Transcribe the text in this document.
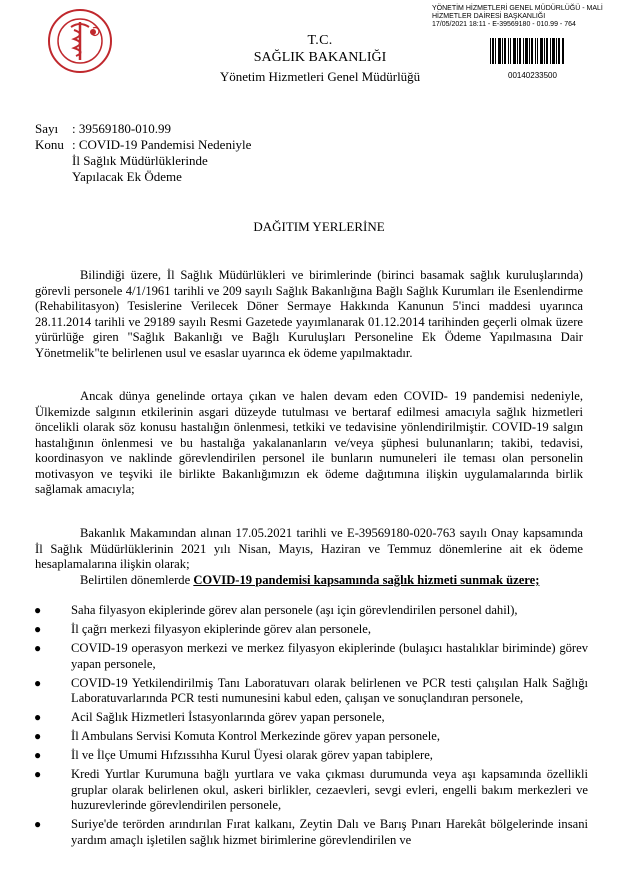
T.C.
SAĞLIK BAKANLIĞI
Yönetim Hizmetleri Genel Müdürlüğü
YÖNETİM HİZMETLERİ GENEL MÜDÜRLÜĞÜ - MALİ
HİZMETLER DAİRESİ BAŞKANLIĞI
17/05/2021 18:11 - E-39569180 - 010.99 - 764
00140233500
Sayı : 39569180-010.99
Konu : COVID-19 Pandemisi Nedeniyle
İl Sağlık Müdürlüklerinde
Yapılacak Ek Ödeme
DAĞITIM YERLERİNE
Bilindiği üzere, İl Sağlık Müdürlükleri ve birimlerinde (birinci basamak sağlık kuruluşlarında) görevli personele 4/1/1961 tarihli ve 209 sayılı Sağlık Bakanlığına Bağlı Sağlık Kurumları ile Esenlendirme (Rehabilitasyon) Tesislerine Verilecek Döner Sermaye Hakkında Kanunun 5'inci maddesi uyarınca 28.11.2014 tarihli ve 29189 sayılı Resmi Gazetede yayımlanarak 01.12.2014 tarihinden geçerli olmak üzere yürürlüğe giren "Sağlık Bakanlığı ve Bağlı Kuruluşları Personeline Ek Ödeme Yapılmasına Dair Yönetmelik"te belirlenen usul ve esaslar uyarınca ek ödeme yapılmaktadır.
Ancak dünya genelinde ortaya çıkan ve halen devam eden COVID- 19 pandemisi nedeniyle, Ülkemizde salgının etkilerinin asgari düzeyde tutulması ve bertaraf edilmesi amacıyla sağlık hizmetleri öncelikli olarak söz konusu hastalığın önlenmesi, tetkiki ve tedavisine yönlendirilmiştir. COVID-19 salgın hastalığının önlenmesi ve bu hastalığa yakalananların ve/veya şüphesi bulunanların; takibi, tedavisi, koordinasyon ve naklinde görevlendirilen personel ile bunların numuneleri ile teması olan personelin motivasyon ve teşviki ile birlikte Bakanlığımızın ek ödeme dağıtımına ilişkin uygulamalarında birlik sağlamak amacıyla;
Bakanlık Makamından alınan 17.05.2021 tarihli ve E-39569180-020-763 sayılı Onay kapsamında İl Sağlık Müdürlüklerinin 2021 yılı Nisan, Mayıs, Haziran ve Temmuz dönemlerine ait ek ödeme hesaplamalarına ilişkin olarak;
Belirtilen dönemlerde COVID-19 pandemisi kapsamında sağlık hizmeti sunmak üzere;
● Saha filyasyon ekiplerinde görev alan personele (aşı için görevlendirilen personel dahil),
● İl çağrı merkezi filyasyon ekiplerinde görev alan personele,
● COVID-19 operasyon merkezi ve merkez filyasyon ekiplerinde (bulaşıcı hastalıklar biriminde) görev yapan personele,
● COVID-19 Yetkilendirilmiş Tanı Laboratuvarı olarak belirlenen ve PCR testi çalışılan Halk Sağlığı Laboratuvarlarında PCR testi numunesini kabul eden, çalışan ve sonuçlandıran personele,
● Acil Sağlık Hizmetleri İstasyonlarında görev yapan personele,
● İl Ambulans Servisi Komuta Kontrol Merkezinde görev yapan personele,
● İl ve İlçe Umumi Hıfzıssıhha Kurul Üyesi olarak görev yapan tabiplere,
● Kredi Yurtlar Kurumuna bağlı yurtlara ve vaka çıkması durumunda veya aşı kapsamında özellikli gruplar olarak belirlenen okul, askeri birlikler, cezaevleri, sevgi evleri, engelli bakım merkezleri ve huzurevlerinde görevlendirilen personele,
● Suriye'de terörden arındırılan Fırat kalkanı, Zeytin Dalı ve Barış Pınarı Harekât bölgelerinde insani yardım amaçlı işletilen sağlık hizmet birimlerine görevlendirilen ve
